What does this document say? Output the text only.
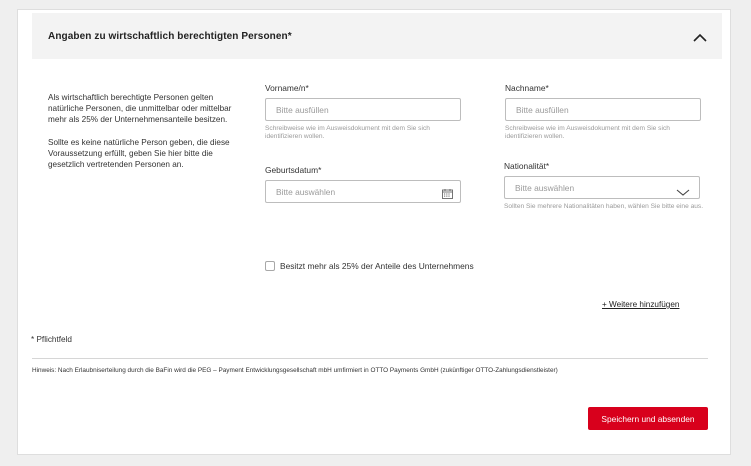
Angaben zu wirtschaftlich berechtigten Personen*

Als wirtschaftlich berechtigte Personen gelten natürliche Personen, die unmittelbar oder mittelbar mehr als 25% der Unternehmensanteile besitzen.

Sollte es keine natürliche Person geben, die diese Voraussetzung erfüllt, geben Sie hier bitte die gesetzlich vertretenden Personen an.

Vorname/n*
Bitte ausfüllen
Schreibweise wie im Ausweisdokument mit dem Sie sich identifizieren wollen.
Nachname*
Bitte ausfüllen
Schreibweise wie im Ausweisdokument mit dem Sie sich identifizieren wollen.
Geburtsdatum*
Bitte auswählen	Nationalität*
Bitte auswählen
Sollten Sie mehrere Nationalitäten haben, wählen Sie bitte eine aus.
Besitzt mehr als 25% der Anteile des Unternehmens
+ Weitere hinzufügen
* Pflichtfeld
Hinweis: Nach Erlaubniserteilung durch die BaFin wird die PEG – Payment Entwicklungsgesellschaft mbH umfirmiert in OTTO Payments GmbH (zukünftiger OTTO-Zahlungsdienstleister)
Speichern und absenden
